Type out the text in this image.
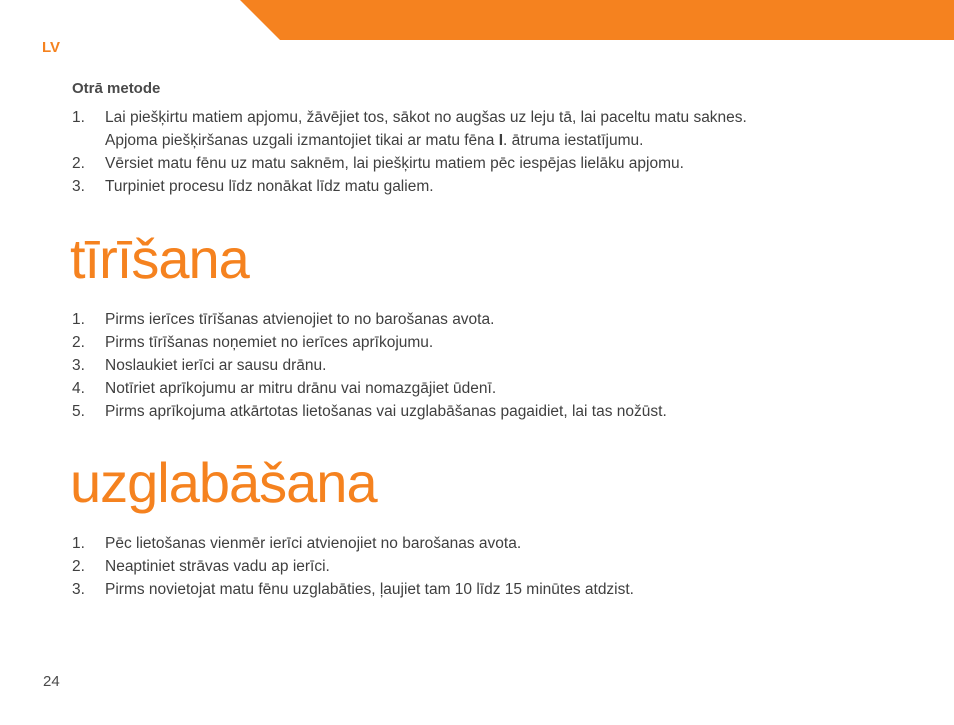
LV
Otrā metode
1.	Lai piešķirtu matiem apjomu, žāvējiet tos, sākot no augšas uz leju tā, lai paceltu matu saknes.
Apjoma piešķiršanas uzgali izmantojiet tikai ar matu fēna I. ātruma iestatījumu.
2.	Vērsiet matu fēnu uz matu saknēm, lai piešķirtu matiem pēc iespējas lielāku apjomu.
3.	Turpiniet procesu līdz nonākat līdz matu galiem.
tīrīšana
1.	Pirms ierīces tīrīšanas atvienojiet to no barošanas avota.
2.	Pirms tīrīšanas noņemiet no ierīces aprīkojumu.
3.	Noslaukiet ierīci ar sausu drānu.
4.	Notīriet aprīkojumu ar mitru drānu vai nomazgājiet ūdenī.
5.	Pirms aprīkojuma atkārtotas lietošanas vai uzglabāšanas pagaidiet, lai tas nožūst.
uzglabāšana
1.	Pēc lietošanas vienmēr ierīci atvienojiet no barošanas avota.
2.	Neaptiniet strāvas vadu ap ierīci.
3.	Pirms novietojat matu fēnu uzglabāties, ļaujiet tam 10 līdz 15 minūtes atdzist.
24
